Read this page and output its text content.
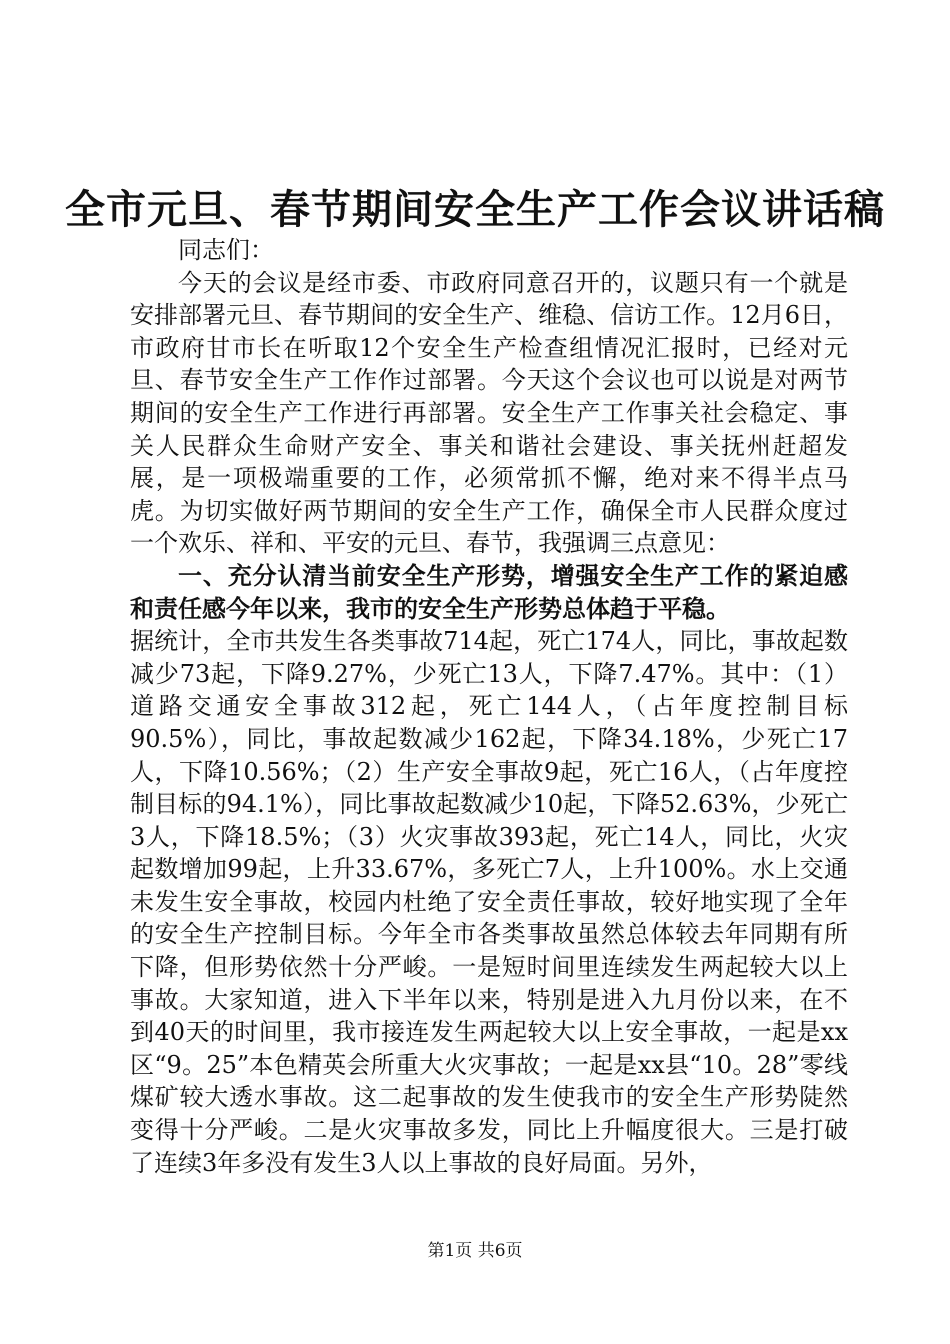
全市元旦、春节期间安全生产工作会议讲话稿

同志们：

今天的会议是经市委、市政府同意召开的，议题只有一个就是安排部署元旦、春节期间的安全生产、维稳、信访工作。12月6日，市政府甘市长在听取12个安全生产检查组情况汇报时，已经对元旦、春节安全生产工作作过部署。今天这个会议也可以说是对两节期间的安全生产工作进行再部署。安全生产工作事关社会稳定、事关人民群众生命财产安全、事关和谐社会建设、事关抚州赶超发展，是一项极端重要的工作，必须常抓不懈，绝对来不得半点马虎。为切实做好两节期间的安全生产工作，确保全市人民群众度过一个欢乐、祥和、平安的元旦、春节，我强调三点意见：

一、充分认清当前安全生产形势，增强安全生产工作的紧迫感和责任感今年以来，我市的安全生产形势总体趋于平稳。

据统计，全市共发生各类事故714起，死亡174人，同比，事故起数减少73起，下降9.27%，少死亡13人，下降7.47%。其中：（1）道路交通安全事故312起，死亡144人，（占年度控制目标90.5%），同比，事故起数减少162起，下降34.18%，少死亡17人，下降10.56%；（2）生产安全事故9起，死亡16人，（占年度控制目标的94.1%），同比事故起数减少10起，下降52.63%，少死亡3人，下降18.5%；（3）火灾事故393起，死亡14人，同比，火灾起数增加99起，上升33.67%，多死亡7人，上升100%。水上交通未发生安全事故，校园内杜绝了安全责任事故，较好地实现了全年的安全生产控制目标。今年全市各类事故虽然总体较去年同期有所下降，但形势依然十分严峻。一是短时间里连续发生两起较大以上事故。大家知道，进入下半年以来，特别是进入九月份以来，在不到40天的时间里，我市接连发生两起较大以上安全事故，一起是xx区“9。25”本色精英会所重大火灾事故；一起是xx县“10。28”零线煤矿较大透水事故。这二起事故的发生使我市的安全生产形势陡然变得十分严峻。二是火灾事故多发，同比上升幅度很大。三是打破了连续3年多没有发生3人以上事故的良好局面。另外，

第1页 共6页
